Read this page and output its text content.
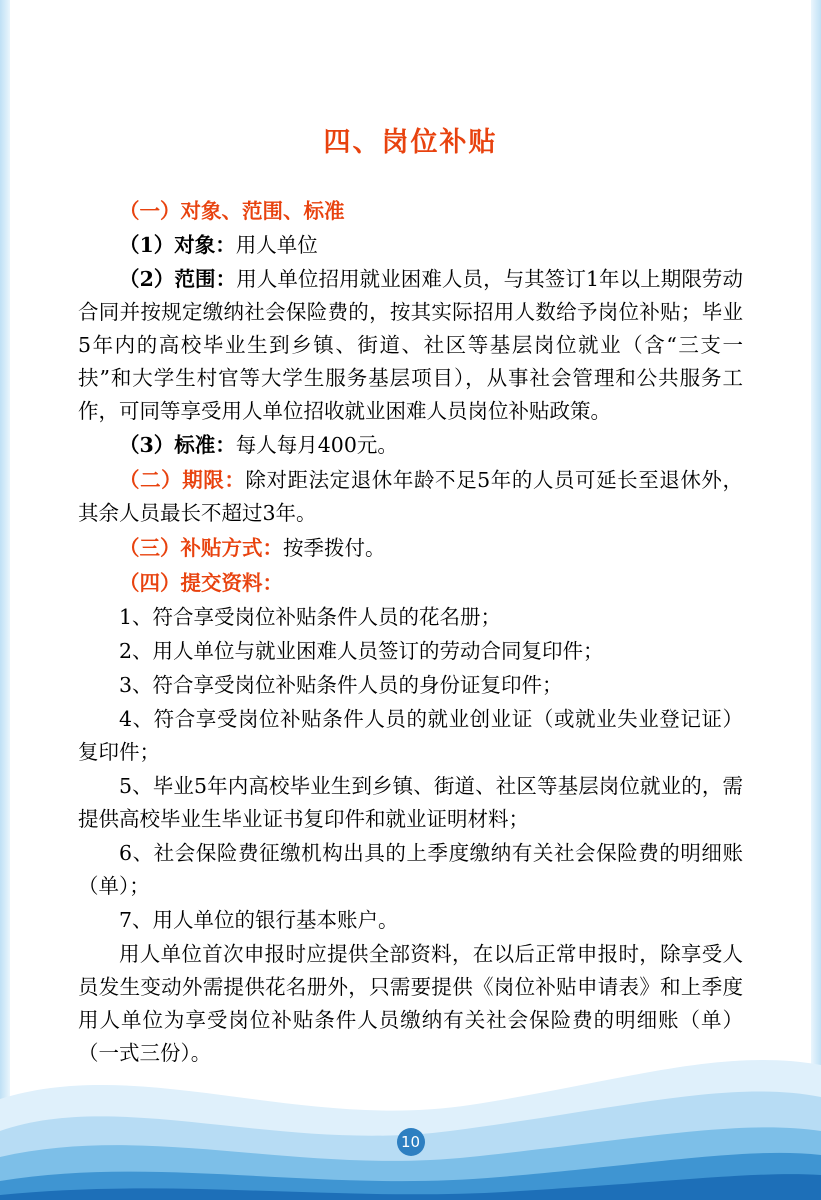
四、岗位补贴

（一）对象、范围、标准

（1）对象：用人单位

（2）范围：用人单位招用就业困难人员，与其签订1年以上期限劳动合同并按规定缴纳社会保险费的，按其实际招用人数给予岗位补贴；毕业5年内的高校毕业生到乡镇、街道、社区等基层岗位就业（含“三支一扶”和大学生村官等大学生服务基层项目），从事社会管理和公共服务工作，可同等享受用人单位招收就业困难人员岗位补贴政策。

（3）标准：每人每月400元。

（二）期限：除对距法定退休年龄不足5年的人员可延长至退休外，其余人员最长不超过3年。

（三）补贴方式：按季拨付。

（四）提交资料：

1、符合享受岗位补贴条件人员的花名册；

2、用人单位与就业困难人员签订的劳动合同复印件；

3、符合享受岗位补贴条件人员的身份证复印件；

4、符合享受岗位补贴条件人员的就业创业证（或就业失业登记证）复印件；

5、毕业5年内高校毕业生到乡镇、街道、社区等基层岗位就业的，需提供高校毕业生毕业证书复印件和就业证明材料；

6、社会保险费征缴机构出具的上季度缴纳有关社会保险费的明细账（单）；

7、用人单位的银行基本账户。

用人单位首次申报时应提供全部资料，在以后正常申报时，除享受人员发生变动外需提供花名册外，只需要提供《岗位补贴申请表》和上季度用人单位为享受岗位补贴条件人员缴纳有关社会保险费的明细账（单）（一式三份）。

10
